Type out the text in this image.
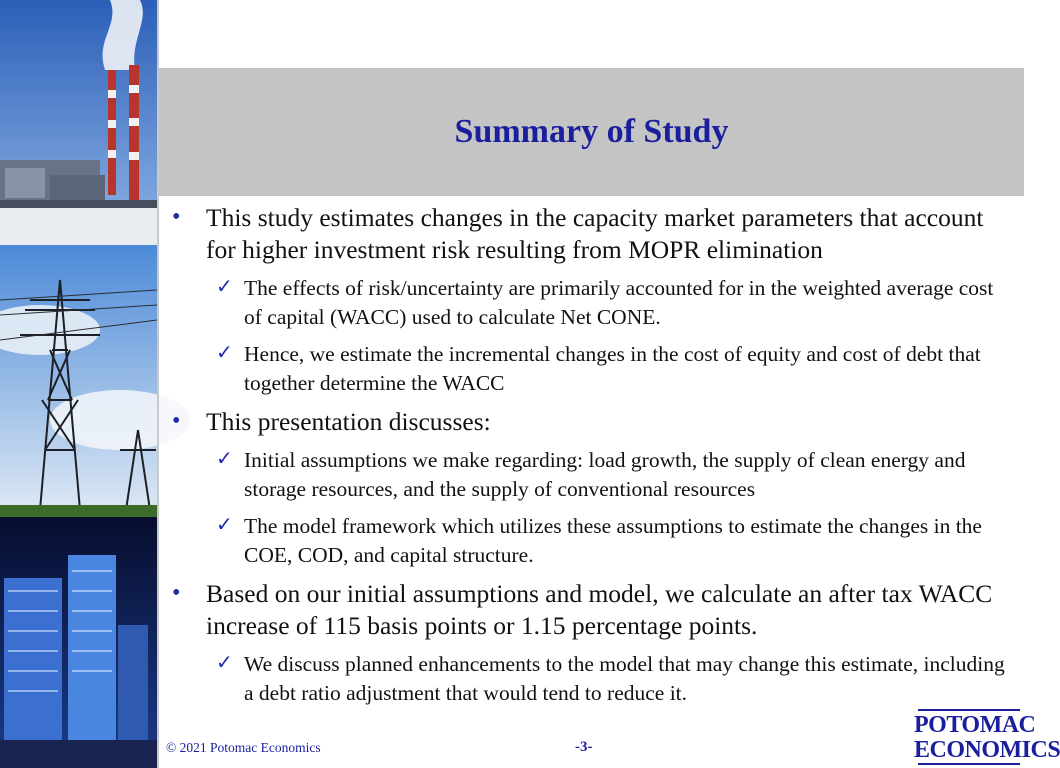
Summary of Study
• This study estimates changes in the capacity market parameters that account for higher investment risk resulting from MOPR elimination
✓ The effects of risk/uncertainty are primarily accounted for in the weighted average cost of capital (WACC) used to calculate Net CONE.
✓ Hence, we estimate the incremental changes in the cost of equity and cost of debt that together determine the WACC
• This presentation discusses:
✓ Initial assumptions we make regarding: load growth, the supply of clean energy and storage resources, and the supply of conventional resources
✓ The model framework which utilizes these assumptions to estimate the changes in the COE, COD, and capital structure.
• Based on our initial assumptions and model, we calculate an after tax WACC increase of 115 basis points or 1.15 percentage points.
✓ We discuss planned enhancements to the model that may change this estimate, including a debt ratio adjustment that would tend to reduce it.
© 2021 Potomac Economics	-3-
POTOMAC
ECONOMICS
